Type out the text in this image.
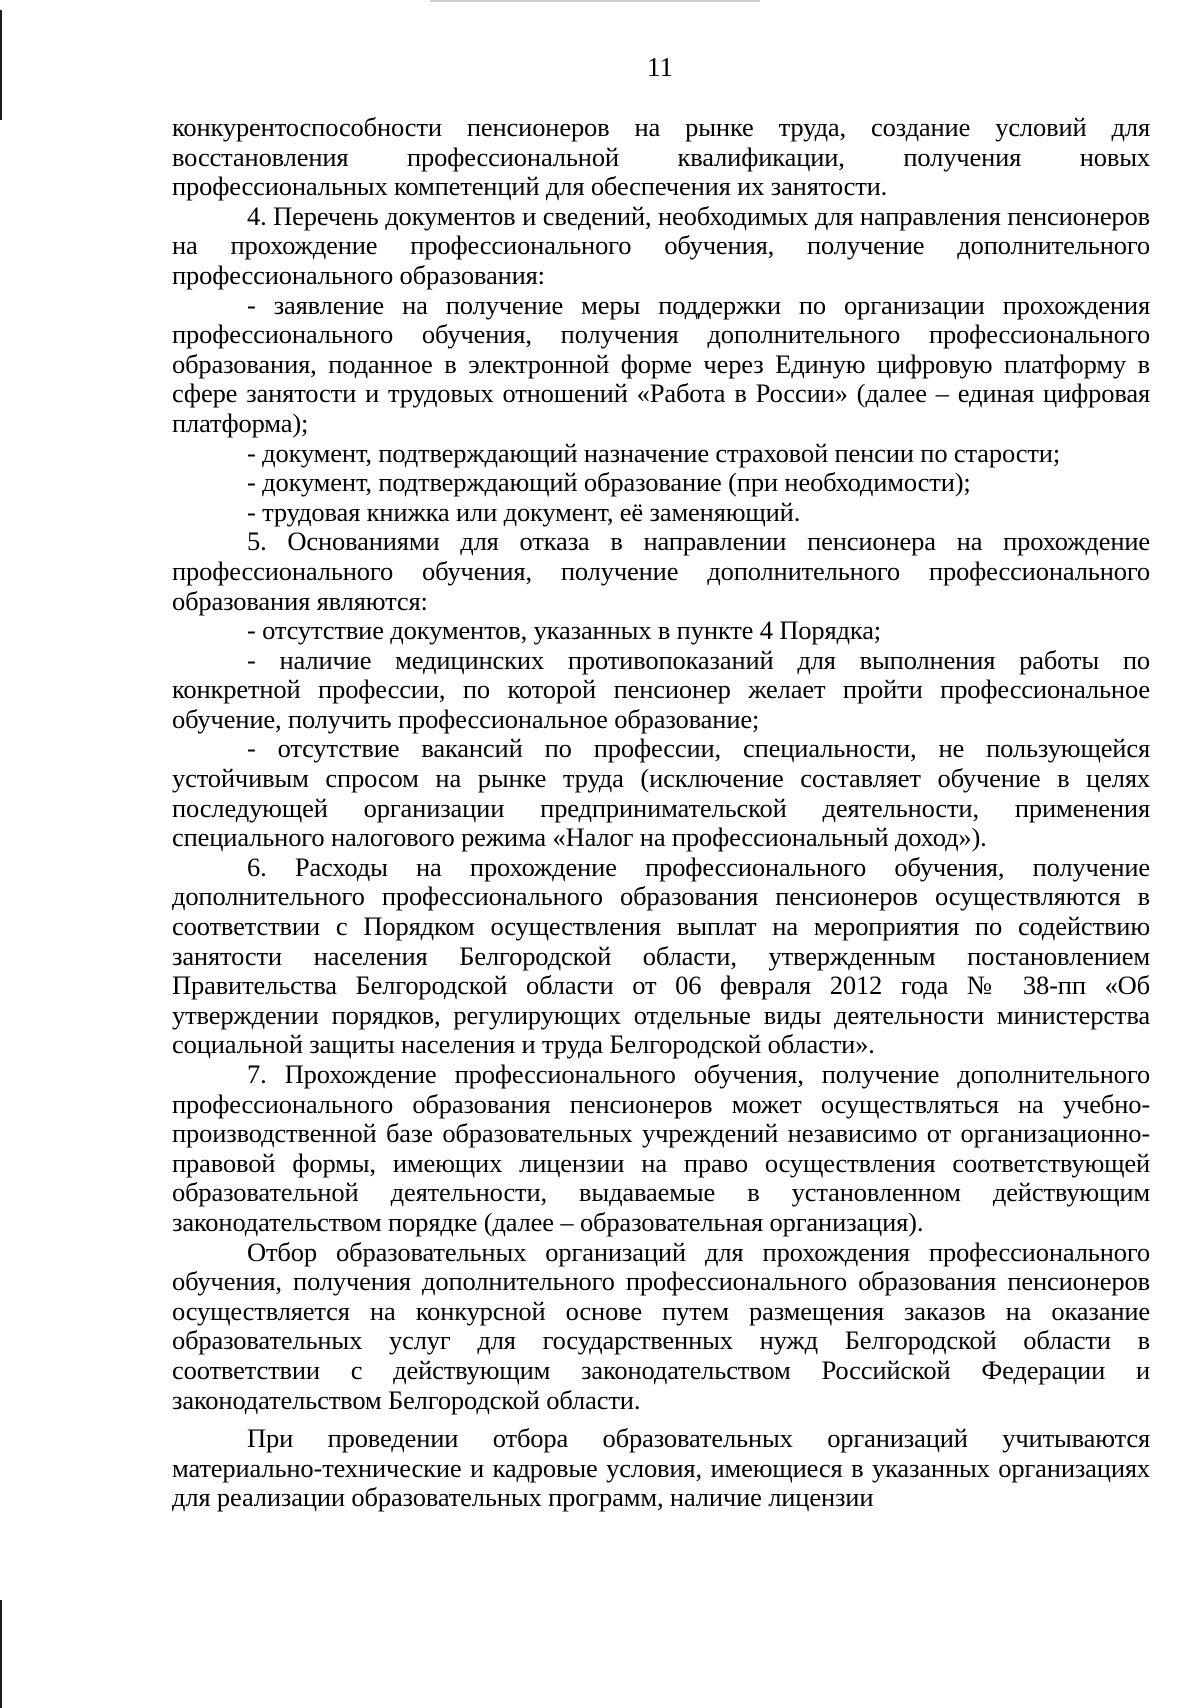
11

конкурентоспособности пенсионеров на рынке труда, создание условий для восстановления профессиональной квалификации, получения новых профессиональных компетенций для обеспечения их занятости.

4. Перечень документов и сведений, необходимых для направления пенсионеров на прохождение профессионального обучения, получение дополнительного профессионального образования:

- заявление на получение меры поддержки по организации прохождения профессионального обучения, получения дополнительного профессионального образования, поданное в электронной форме через Единую цифровую платформу в сфере занятости и трудовых отношений «Работа в России» (далее – единая цифровая платформа);

- документ, подтверждающий назначение страховой пенсии по старости;

- документ, подтверждающий образование (при необходимости);

- трудовая книжка или документ, её заменяющий.

5. Основаниями для отказа в направлении пенсионера на прохождение профессионального обучения, получение дополнительного профессионального образования являются:

- отсутствие документов, указанных в пункте 4 Порядка;

- наличие медицинских противопоказаний для выполнения работы по конкретной профессии, по которой пенсионер желает пройти профессиональное обучение, получить профессиональное образование;

- отсутствие вакансий по профессии, специальности, не пользующейся устойчивым спросом на рынке труда (исключение составляет обучение в целях последующей организации предпринимательской деятельности, применения специального налогового режима «Налог на профессиональный доход»).

6. Расходы на прохождение профессионального обучения, получение дополнительного профессионального образования пенсионеров осуществляются в соответствии с Порядком осуществления выплат на мероприятия по содействию занятости населения Белгородской области, утвержденным постановлением Правительства Белгородской области от 06 февраля 2012 года № 38-пп «Об утверждении порядков, регулирующих отдельные виды деятельности министерства социальной защиты населения и труда Белгородской области».

7. Прохождение профессионального обучения, получение дополнительного профессионального образования пенсионеров может осуществляться на учебно-производственной базе образовательных учреждений независимо от организационно-правовой формы, имеющих лицензии на право осуществления соответствующей образовательной деятельности, выдаваемые в установленном действующим законодательством порядке (далее – образовательная организация).

Отбор образовательных организаций для прохождения профессионального обучения, получения дополнительного профессионального образования пенсионеров осуществляется на конкурсной основе путем размещения заказов на оказание образовательных услуг для государственных нужд Белгородской области в соответствии с действующим законодательством Российской Федерации и законодательством Белгородской области.

При проведении отбора образовательных организаций учитываются материально-технические и кадровые условия, имеющиеся в указанных организациях для реализации образовательных программ, наличие лицензии
